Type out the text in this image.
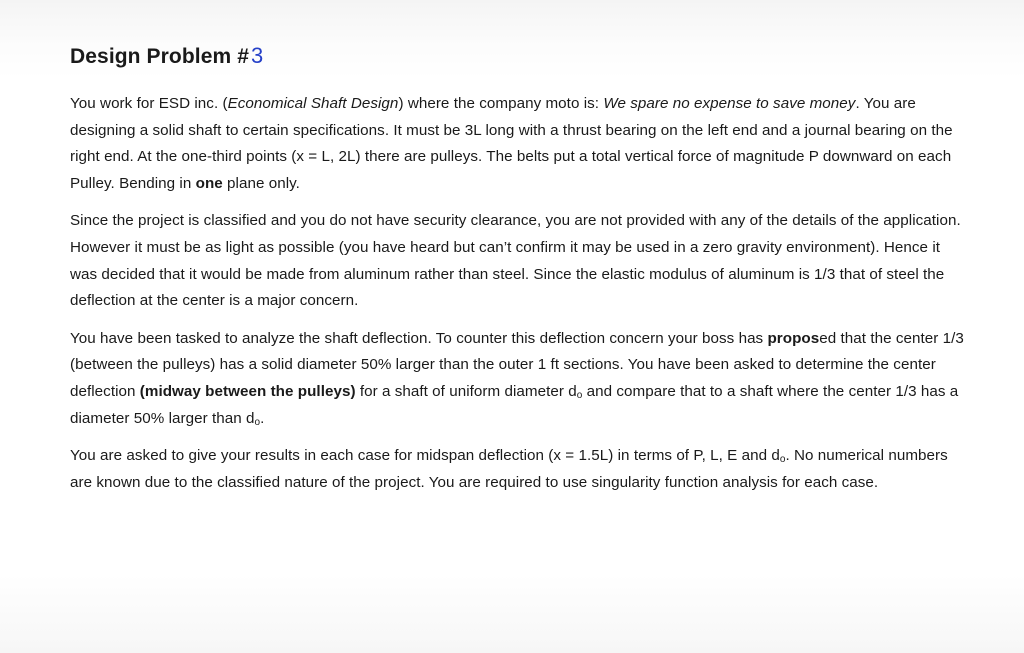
Design Problem #3

You work for ESD inc. (Economical Shaft Design) where the company moto is: We spare no expense to save money. You are designing a solid shaft to certain specifications. It must be 3L long with a thrust bearing on the left end and a journal bearing on the right end. At the one-third points (x = L, 2L) there are pulleys. The belts put a total vertical force of magnitude P downward on each Pulley. Bending in one plane only.

Since the project is classified and you do not have security clearance, you are not provided with any of the details of the application. However it must be as light as possible (you have heard but can’t confirm it may be used in a zero gravity environment). Hence it was decided that it would be made from aluminum rather than steel. Since the elastic modulus of aluminum is 1/3 that of steel the deflection at the center is a major concern.

You have been tasked to analyze the shaft deflection. To counter this deflection concern your boss has proposed that the center 1/3 (between the pulleys) has a solid diameter 50% larger than the outer 1 ft sections. You have been asked to determine the center deflection (midway between the pulleys) for a shaft of uniform diameter $d_o$ and compare that to a shaft where the center 1/3 has a diameter 50% larger than $d_o$.

You are asked to give your results in each case for midspan deflection (x = 1.5L) in terms of P, L, E and $d_o$. No numerical numbers are known due to the classified nature of the project. You are required to use singularity function analysis for each case.
